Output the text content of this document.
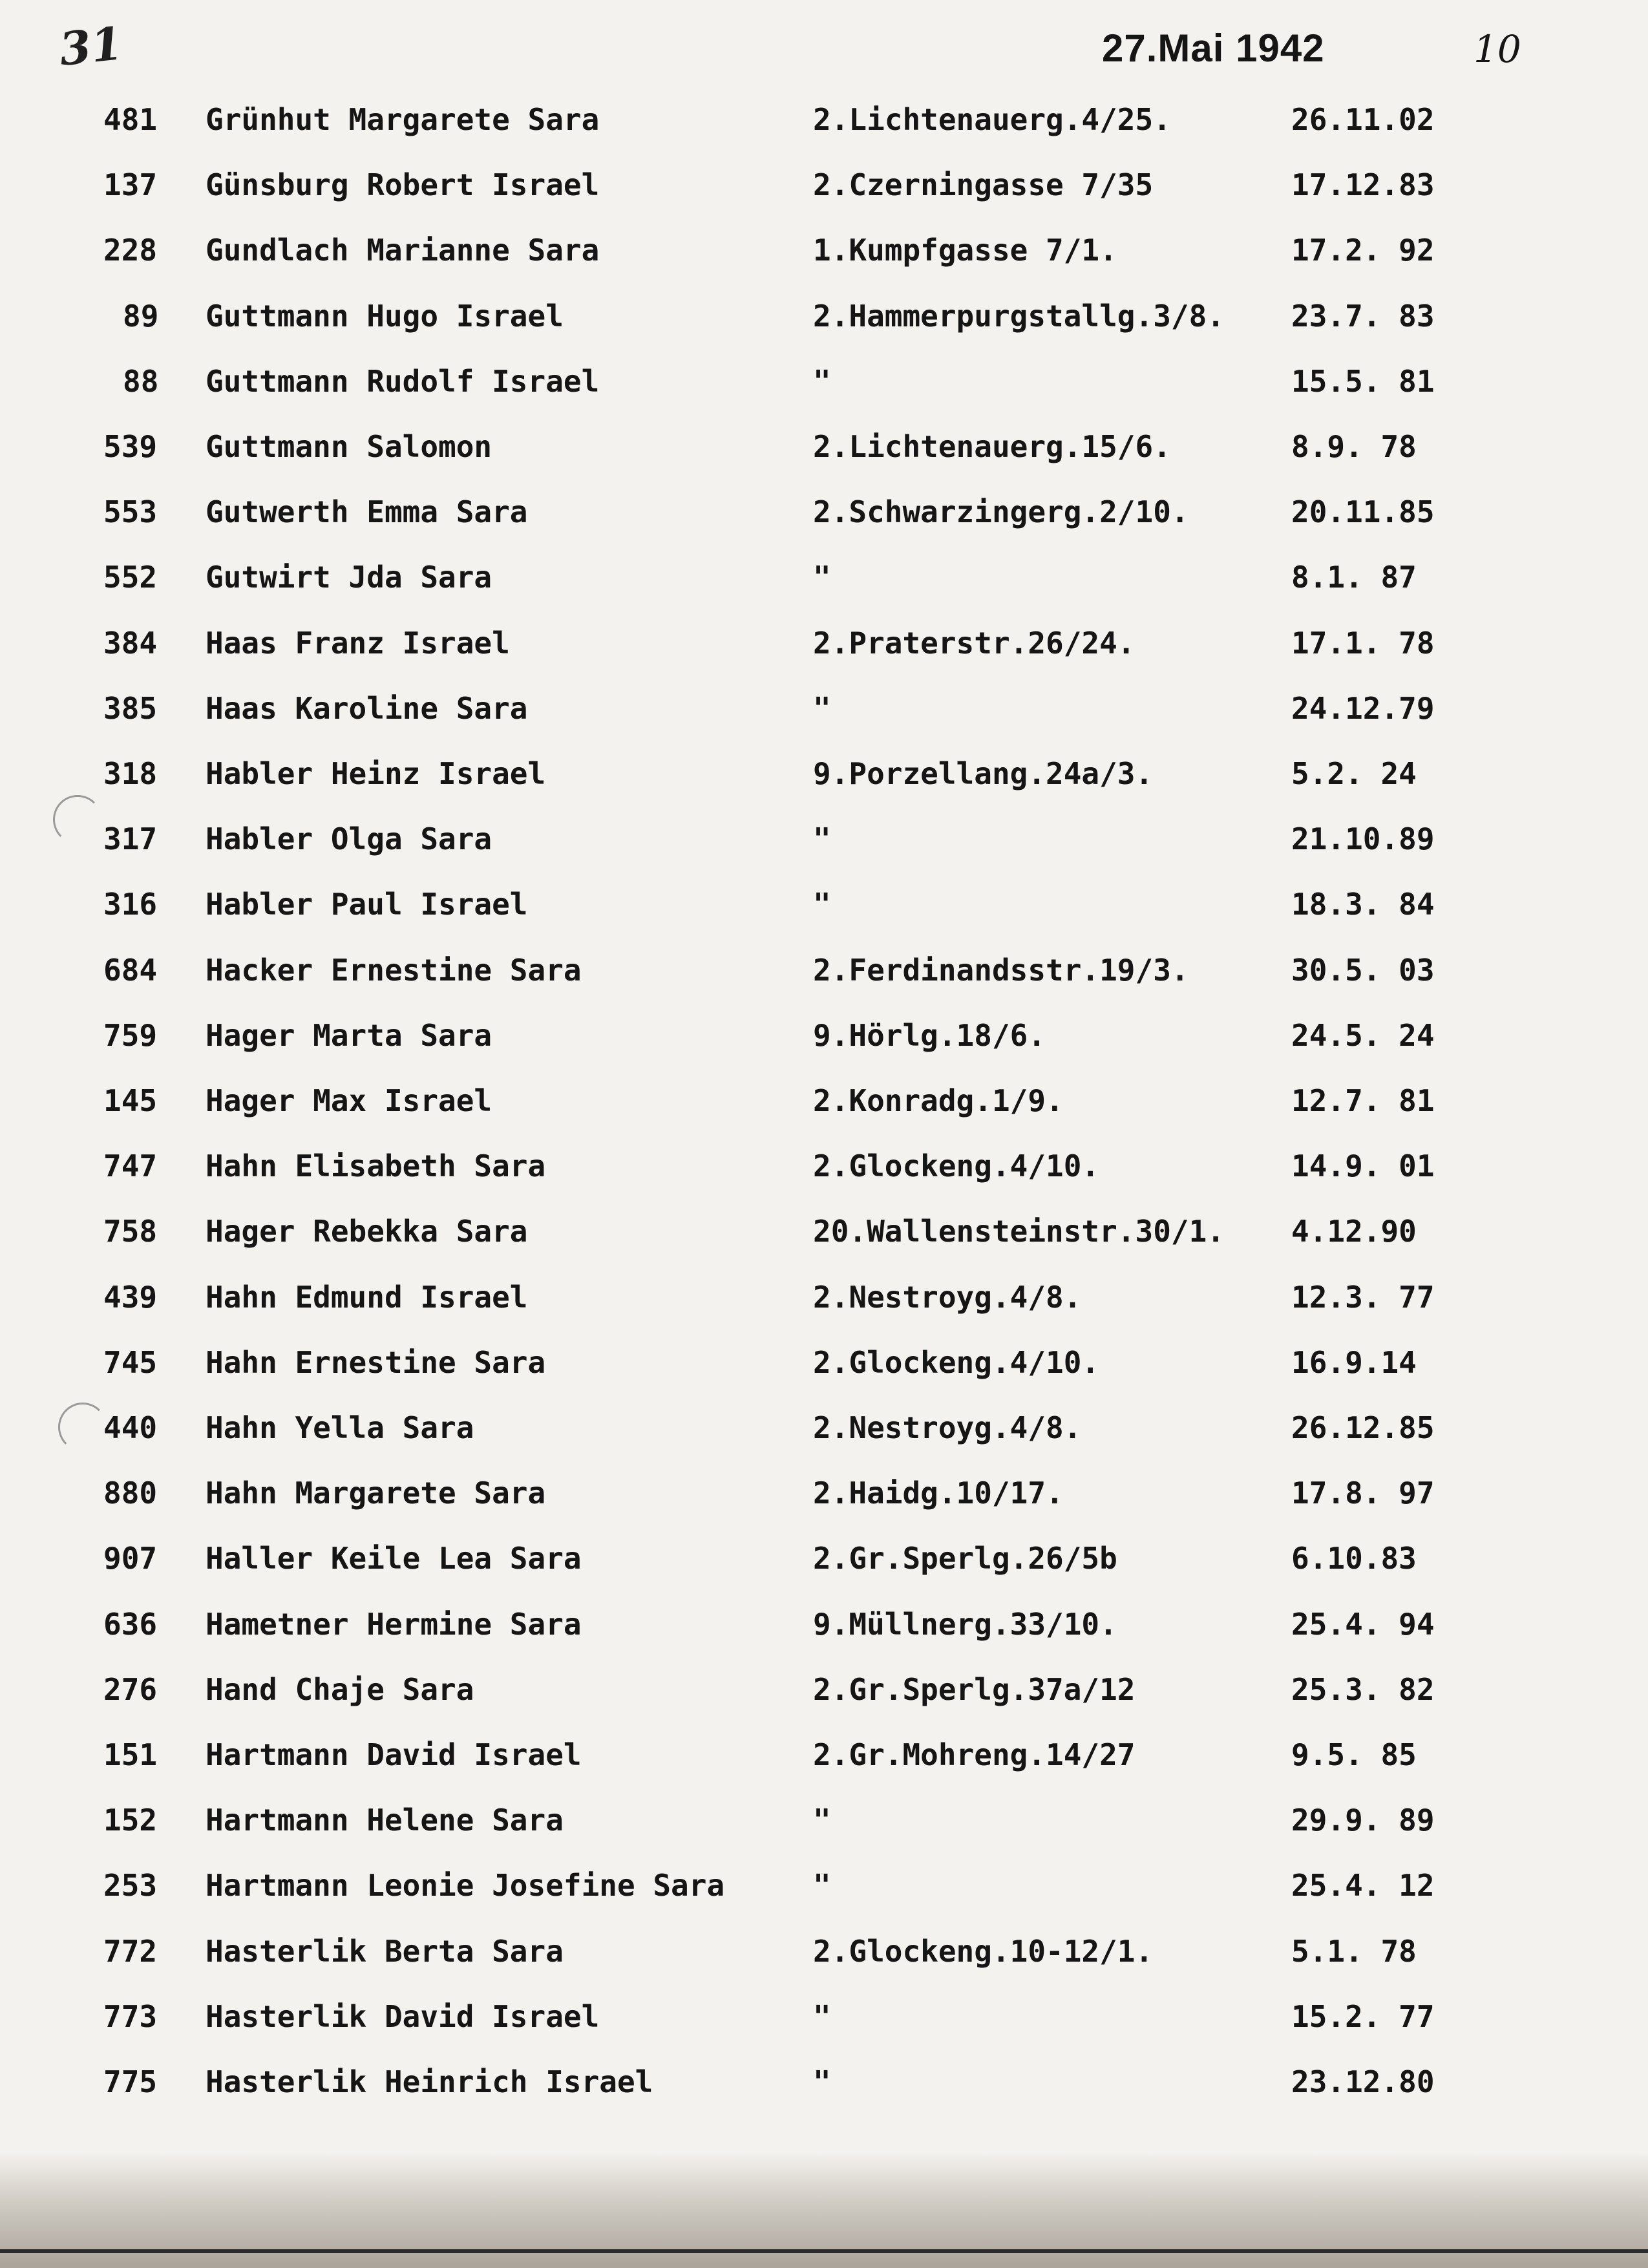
31	27.Mai 1942	10
481 Grünhut Margarete Sara	2.Lichtenauerg.4/25.	26.11.02
137 Günsburg Robert Israel	2.Czerningasse 7/35	17.12.83
228 Gundlach Marianne Sara	1.Kumpfgasse 7/1.	17.2. 92
89 Guttmann Hugo Israel	2.Hammerpurgstallg.3/8. 23.7. 83
88 Guttmann Rudolf Israel	"	15.5. 81
539 Guttmann Salomon	2.Lichtenauerg.15/6.	8.9. 78
553 Gutwerth Emma Sara	2.Schwarzingerg.2/10.	20.11.85
552 Gutwirt Jda Sara	"	8.1. 87
384 Haas Franz Israel	2.Praterstr.26/24.	17.1. 78
385 Haas Karoline Sara	"	24.12.79
318 Habler Heinz Israel	9.Porzellang.24a/3.	5.2. 24
317 Habler Olga Sara	"	21.10.89
316 Habler Paul Israel	"	18.3. 84
684 Hacker Ernestine Sara	2.Ferdinandsstr.19/3.	30.5. 03
759 Hager Marta Sara	9.Hörlg.18/6.	24.5. 24
145 Hager Max Israel	2.Konradg.1/9.	12.7. 81
747 Hahn Elisabeth Sara	2.Glockeng.4/10.	14.9. 01
758 Hager Rebekka Sara	20.Wallensteinstr.30/1. 4.12.90
439 Hahn Edmund Israel	2.Nestroyg.4/8.	12.3. 77
745 Hahn Ernestine Sara	2.Glockeng.4/10.	16.9.14
440 Hahn Yella Sara	2.Nestroyg.4/8.	26.12.85
880 Hahn Margarete Sara	2.Haidg.10/17.	17.8. 97
907 Haller Keile Lea Sara	2.Gr.Sperlg.26/5b	6.10.83
636 Hametner Hermine Sara	9.Müllnerg.33/10.	25.4. 94
276 Hand Chaje Sara	2.Gr.Sperlg.37a/12	25.3. 82
151 Hartmann David Israel	2.Gr.Mohreng.14/27	9.5. 85
152 Hartmann Helene Sara	"	29.9. 89
253 Hartmann Leonie Josefine Sara	"	25.4. 12
772 Hasterlik Berta Sara	2.Glockeng.10-12/1.	5.1. 78
773 Hasterlik David Israel	"	15.2. 77
775 Hasterlik Heinrich Israel	"	23.12.80
